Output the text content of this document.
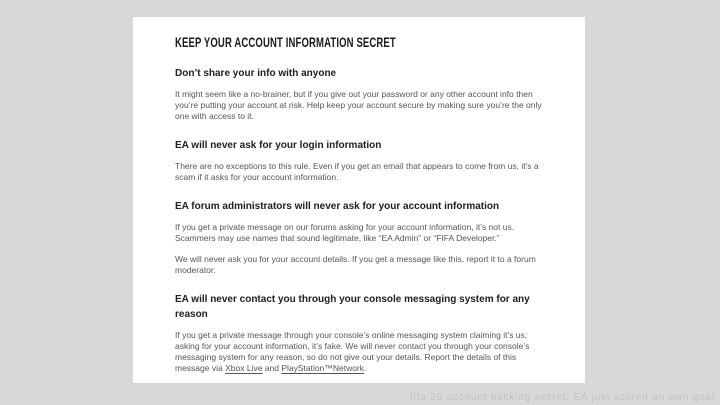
KEEP YOUR ACCOUNT INFORMATION SECRET
Don’t share your info with anyone

It might seem like a no-brainer, but if you give out your password or any other account info then you’re putting your account at risk. Help keep your account secure by making sure you’re the only one with access to it.

EA will never ask for your login information

There are no exceptions to this rule. Even if you get an email that appears to come from us, it’s a scam if it asks for your account information.

EA forum administrators will never ask for your account information

If you get a private message on our forums asking for your account information, it’s not us. Scammers may use names that sound legitimate, like “EA Admin” or “FIFA Developer.”

We will never ask you for your account details. If you get a message like this, report it to a forum moderator.

EA will never contact you through your console messaging system for any reason

If you get a private message through your console’s online messaging system claiming it’s us, asking for your account information, it’s fake. We will never contact you through your console’s messaging system for any reason, so do not give out your details. Report the details of this message via Xbox Live and PlayStation™Network.

fifa 20 account hacking secret: EA just scored an own goal
